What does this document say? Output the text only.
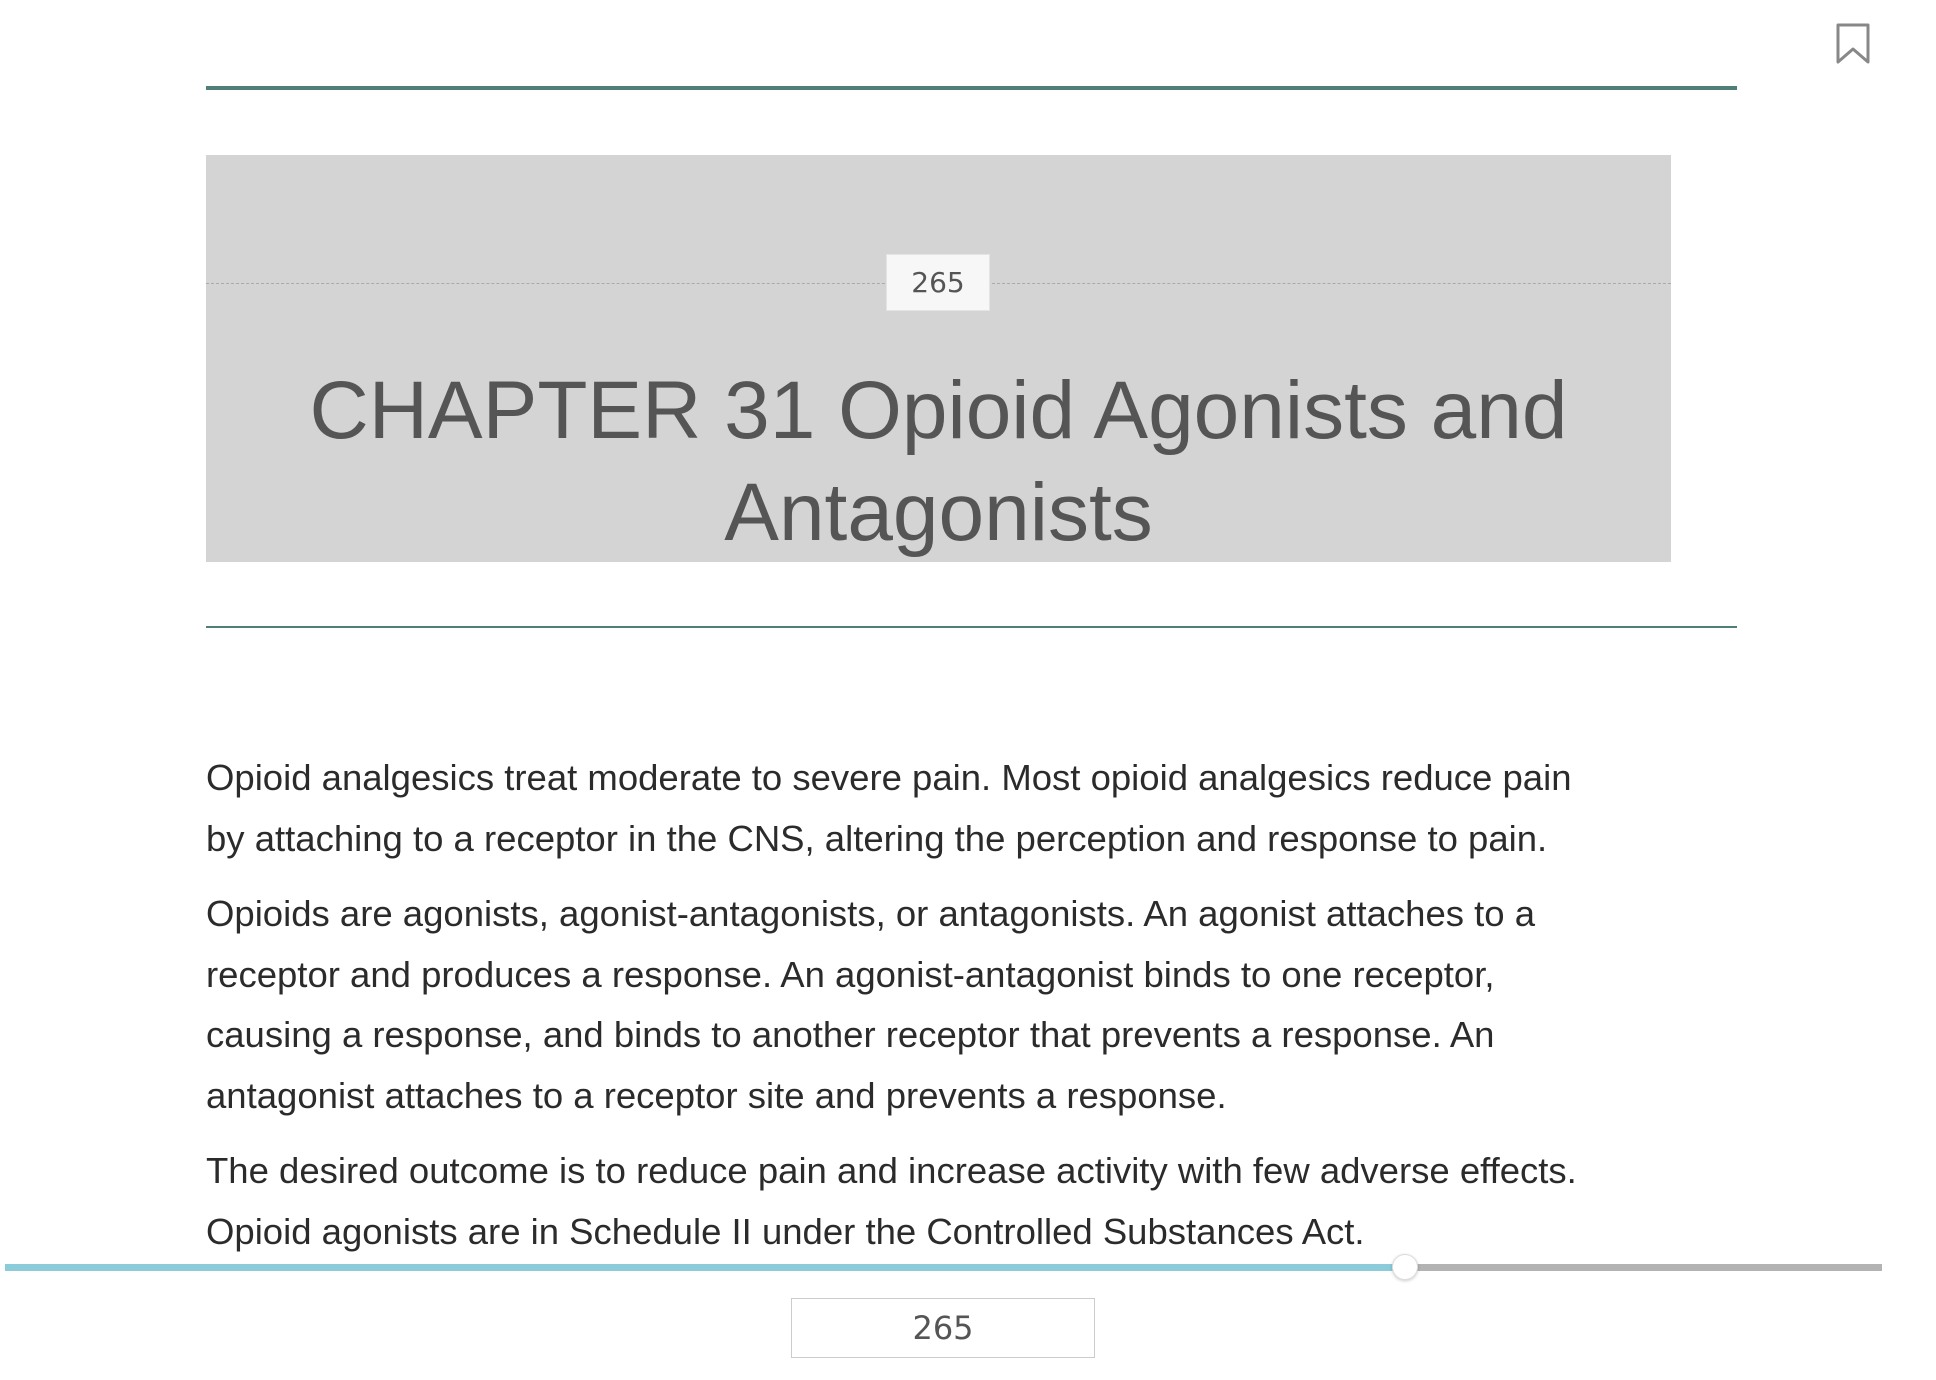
265
CHAPTER 31 Opioid Agonists and
Antagonists

Opioid analgesics treat moderate to severe pain. Most opioid analgesics reduce pain
by attaching to a receptor in the CNS, altering the perception and response to pain.

Opioids are agonists, agonist-antagonists, or antagonists. An agonist attaches to a
receptor and produces a response. An agonist-antagonist binds to one receptor,
causing a response, and binds to another receptor that prevents a response. An
antagonist attaches to a receptor site and prevents a response.

The desired outcome is to reduce pain and increase activity with few adverse effects.
Opioid agonists are in Schedule II under the Controlled Substances Act.

265
